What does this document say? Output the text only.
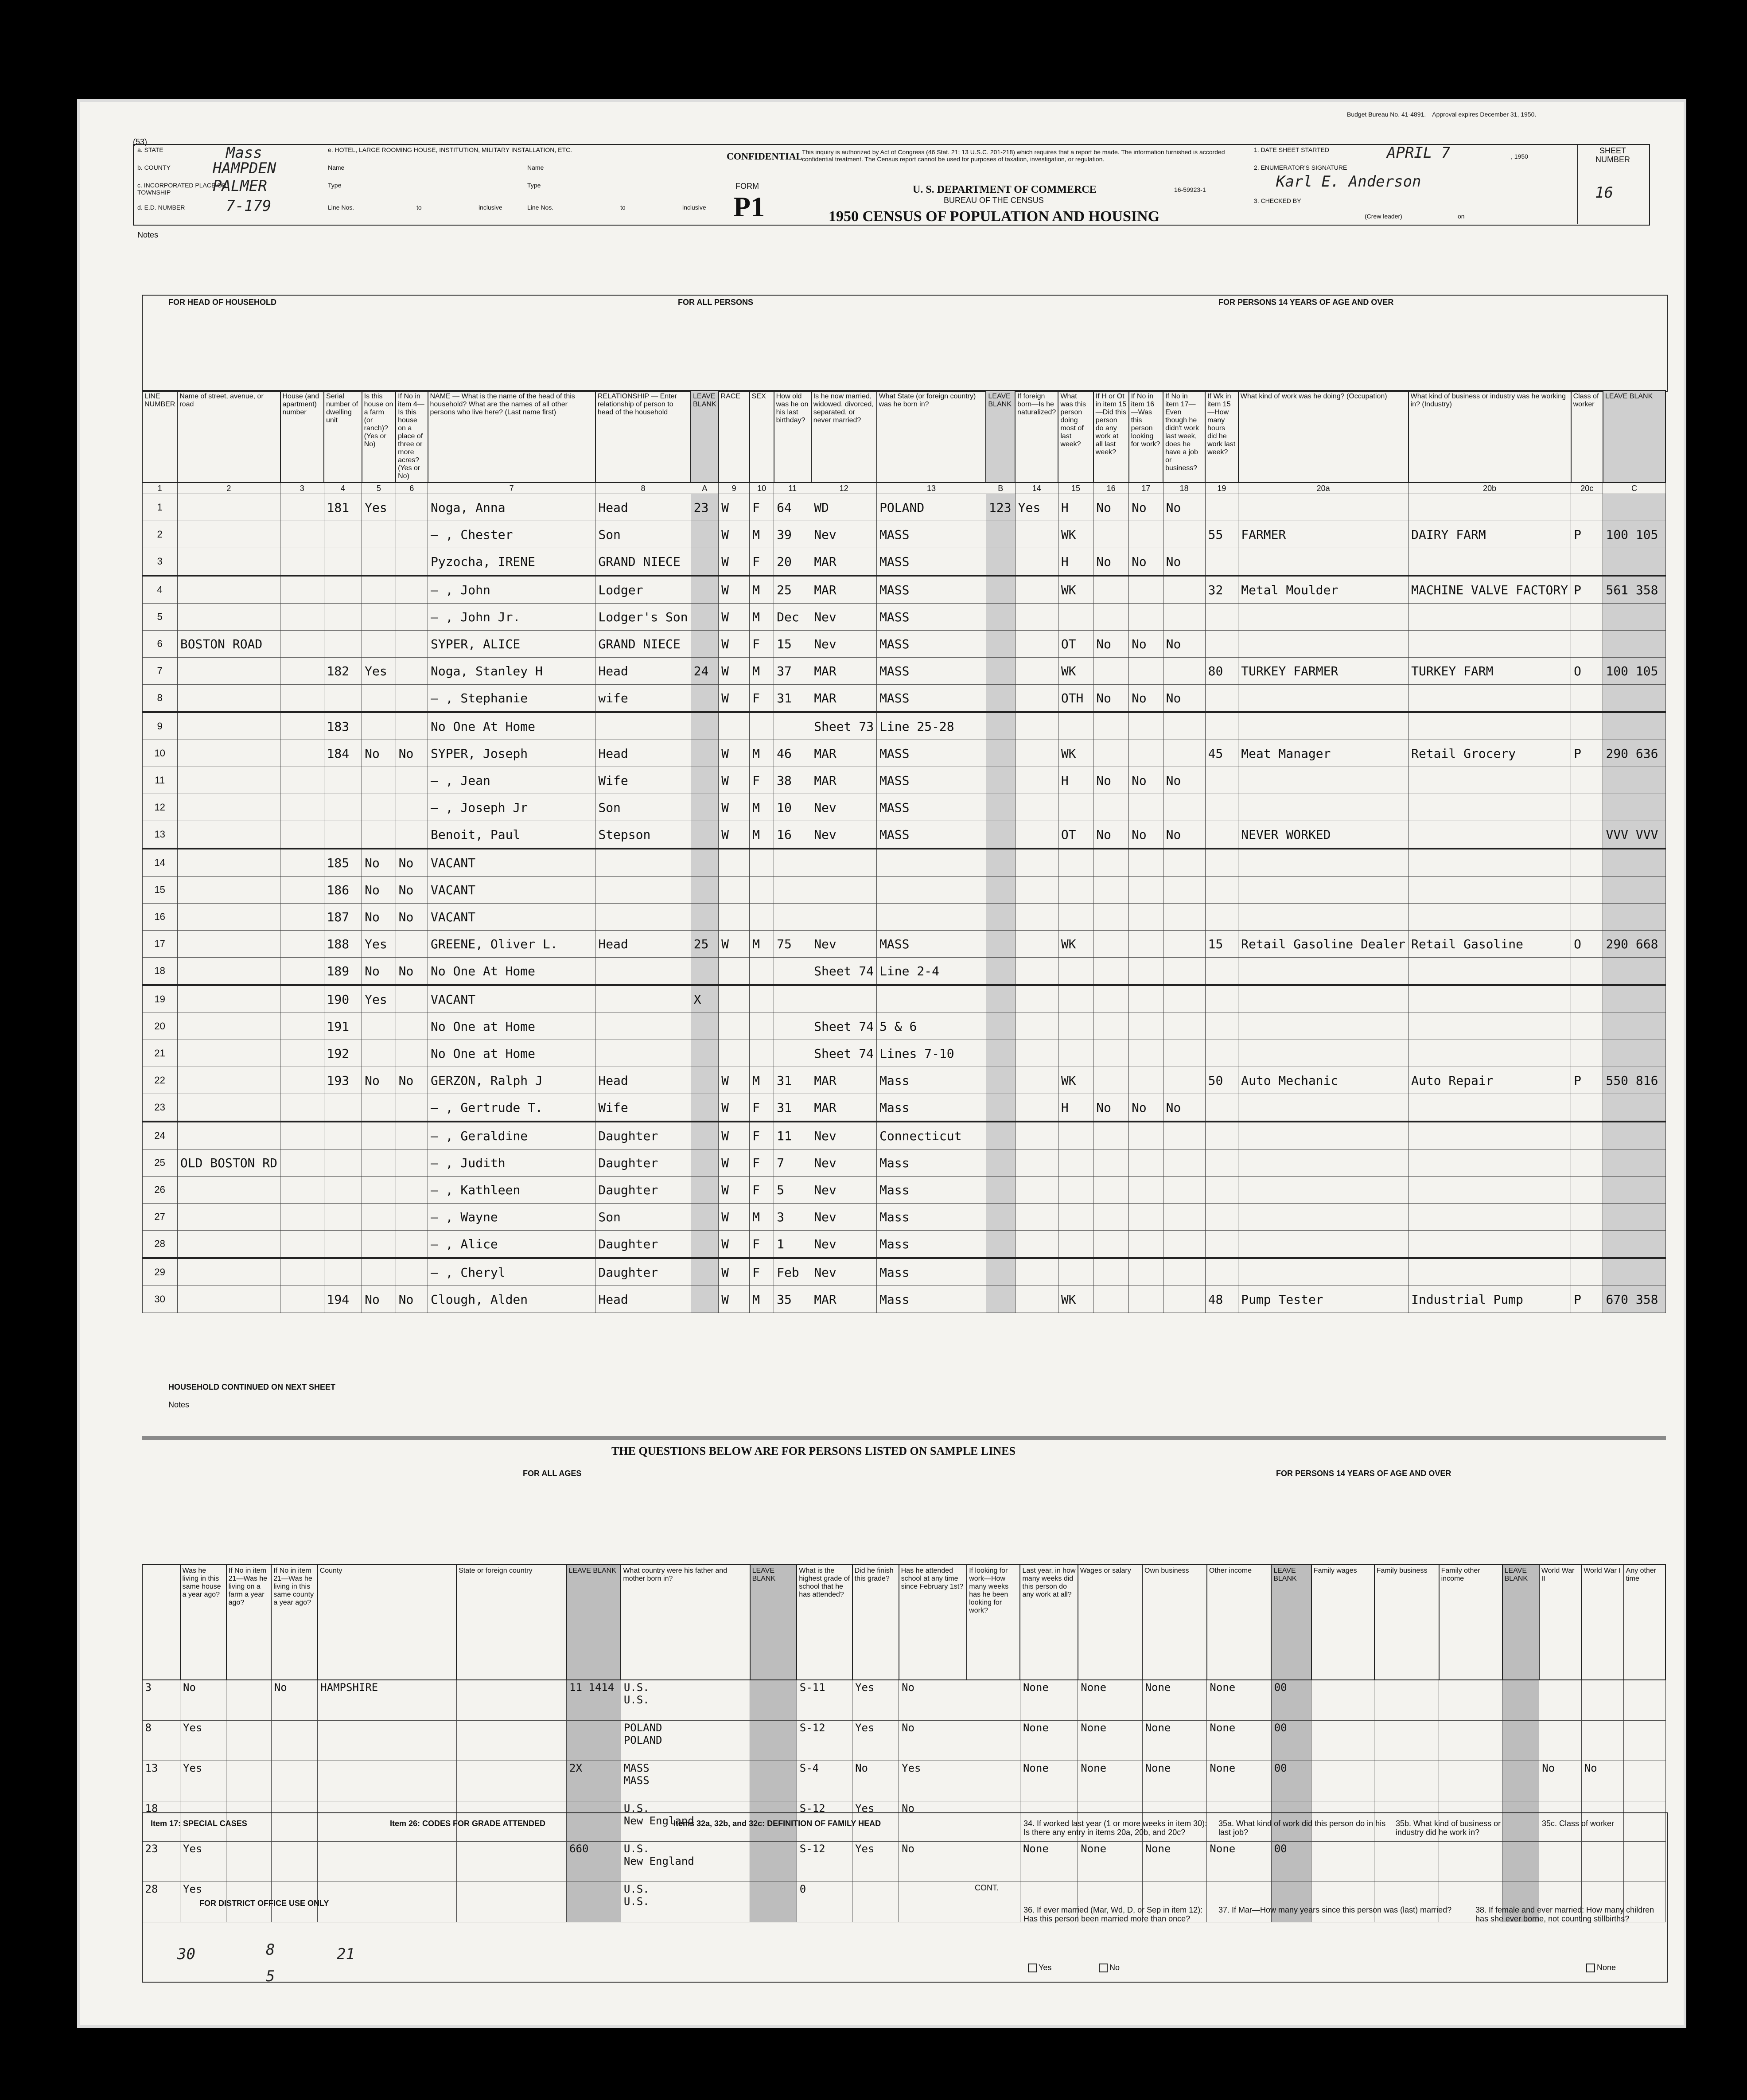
Budget Bureau No. 41-4891.—Approval expires December 31, 1950.
(53)
a. STATE	Mass
b. COUNTY	HAMPDEN
c. INCORPORATED PLACE OR TOWNSHIP	PALMER
d. E.D. NUMBER	7-179
e. HOTEL, LARGE ROOMING HOUSE, INSTITUTION, MILITARY INSTALLATION, ETC.
Name	Name
Type	Type
Line Nos.	to	inclusive	Line Nos.	to	inclusive
CONFIDENTIAL
This inquiry is authorized by Act of Congress (46 Stat. 21; 13 U.S.C. 201-218) which requires that a report be made. The information furnished is accorded confidential treatment. The Census report cannot be used for purposes of taxation, investigation, or regulation.
FORM
P1
U. S. DEPARTMENT OF COMMERCE
BUREAU OF THE CENSUS
1950 CENSUS OF POPULATION AND HOUSING
16-59923-1
1. DATE SHEET STARTED	APRIL 7	, 1950
2. ENUMERATOR'S SIGNATURE
Karl E. Anderson
3. CHECKED BY
(Crew leader)	on
SHEET NUMBER
16
Notes
FOR HEAD OF HOUSEHOLD	FOR ALL PERSONS	FOR PERSONS 14 YEARS OF AGE AND OVER
LINE NUMBER	Name of street, avenue, or road	House (and apartment) number	Serial number of dwelling unit	Is this house on a farm (or ranch)? (Yes or No)	If No in item 4—Is this house on a place of three or more acres? (Yes or No)	NAME — What is the name of the head of this household? What are the names of all other persons who live here? (Last name first)	RELATIONSHIP — Enter relationship of person to head of the household	LEAVE BLANK	RACE	SEX	How old was he on his last birthday?	Is he now married, widowed, divorced, separated, or never married?	What State (or foreign country) was he born in?	LEAVE BLANK	If foreign born—Is he naturalized?	What was this person doing most of last week?	If H or Ot in item 15—Did this person do any work at all last week?	If No in item 16—Was this person looking for work?	If No in item 17—Even though he didn't work last week, does he have a job or business?	If Wk in item 15—How many hours did he work last week?	What kind of work was he doing? (Occupation)	What kind of business or industry was he working in? (Industry)	Class of worker	LEAVE BLANK
1	2	3	4	5	6	7	8	A	9	10	11	12	13	B	14	15	16	17	18	19	20a	20b	20c	C
1			181	Yes		Noga, Anna	Head	23	W	F	64	WD	POLAND	123	Yes	H	No	No	No					
2						— , Chester	Son		W	M	39	Nev	MASS			WK				55	FARMER	DAIRY FARM	P	100 105
3						Pyzocha, IRENE	GRAND NIECE		W	F	20	MAR	MASS			H	No	No	No					
4						— , John	Lodger		W	M	25	MAR	MASS			WK				32	Metal Moulder	MACHINE VALVE FACTORY	P	561 358
5						— , John Jr.	Lodger's Son		W	M	Dec	Nev	MASS											
6	BOSTON ROAD					SYPER, ALICE	GRAND NIECE		W	F	15	Nev	MASS			OT	No	No	No					
7			182	Yes		Noga, Stanley H	Head	24	W	M	37	MAR	MASS			WK				80	TURKEY FARMER	TURKEY FARM	O	100 105
8						— , Stephanie	wife		W	F	31	MAR	MASS			OTH	No	No	No					
9			183			No One At Home						Sheet 73	Line 25-28											
10			184	No	No	SYPER, Joseph	Head		W	M	46	MAR	MASS			WK				45	Meat Manager	Retail Grocery	P	290 636
11						— , Jean	Wife		W	F	38	MAR	MASS			H	No	No	No					
12						— , Joseph Jr	Son		W	M	10	Nev	MASS											
13						Benoit, Paul	Stepson		W	M	16	Nev	MASS			OT	No	No	No		NEVER WORKED			VVV VVV
14			185	No	No	VACANT																		
15			186	No	No	VACANT																		
16			187	No	No	VACANT																		
17			188	Yes		GREENE, Oliver L.	Head	25	W	M	75	Nev	MASS			WK				15	Retail Gasoline Dealer	Retail Gasoline	O	290 668
18			189	No	No	No One At Home						Sheet 74	Line 2-4											
19			190	Yes		VACANT		X																
20			191			No One at Home						Sheet 74	5 & 6											
21			192			No One at Home						Sheet 74	Lines 7-10											
22			193	No	No	GERZON, Ralph J	Head		W	M	31	MAR	Mass			WK				50	Auto Mechanic	Auto Repair	P	550 816
23						— , Gertrude T.	Wife		W	F	31	MAR	Mass			H	No	No	No					
24						— , Geraldine	Daughter		W	F	11	Nev	Connecticut											
25	OLD BOSTON RD					— , Judith	Daughter		W	F	7	Nev	Mass											
26						— , Kathleen	Daughter		W	F	5	Nev	Mass											
27						— , Wayne	Son		W	M	3	Nev	Mass											
28						— , Alice	Daughter		W	F	1	Nev	Mass											
29						— , Cheryl	Daughter		W	F	Feb	Nev	Mass											
30			194	No	No	Clough, Alden	Head		W	M	35	MAR	Mass			WK				48	Pump Tester	Industrial Pump	P	670 358
HOUSEHOLD CONTINUED ON NEXT SHEET
Notes
THE QUESTIONS BELOW ARE FOR PERSONS LISTED ON SAMPLE LINES
FOR ALL AGES	FOR PERSONS 14 YEARS OF AGE AND OVER
	Was he living in this same house a year ago?	If No in item 21—Was he living on a farm a year ago?	If No in item 21—Was he living in this same county a year ago?	County	State or foreign country	LEAVE BLANK	What country were his father and mother born in?	LEAVE BLANK	What is the highest grade of school that he has attended?	Did he finish this grade?	Has he attended school at any time since February 1st?	If looking for work—How many weeks has he been looking for work?	Last year, in how many weeks did this person do any work at all?	Wages or salary	Own business	Other income	LEAVE BLANK	Family wages	Family business	Family other income	LEAVE BLANK	World War II	World War I	Any other time
3	No		No	HAMPSHIRE		11 1414	U.S.
U.S.		S-11	Yes	No		None	None	None	None	00							
8	Yes						POLAND
POLAND		S-12	Yes	No		None	None	None	None	00							
13	Yes					2X	MASS
MASS		S-4	No	Yes		None	None	None	None	00					No	No	
18							U.S.
New England		S-12	Yes	No													
23	Yes					660	U.S.
New England		S-12	Yes	No		None	None	None	None	00							
28	Yes						U.S.
U.S.		0															
Item 17: SPECIAL CASES
FOR DISTRICT OFFICE USE ONLY
30	8	21
5
Item 26: CODES FOR GRADE ATTENDED	Items 32a, 32b, and 32c: DEFINITION OF FAMILY HEAD
CONT.
34. If worked last year (1 or more weeks in item 30): Is there any entry in items 20a, 20b, and 20c?
35a. What kind of work did this person do in his last job?
35b. What kind of business or industry did he work in?
35c. Class of worker
36. If ever married (Mar, Wd, D, or Sep in item 12): Has this person been married more than once?
37. If Mar—How many years since this person was (last) married?	38. If female and ever married: How many children has she ever borne, not counting stillbirths?
Yes	No	None
